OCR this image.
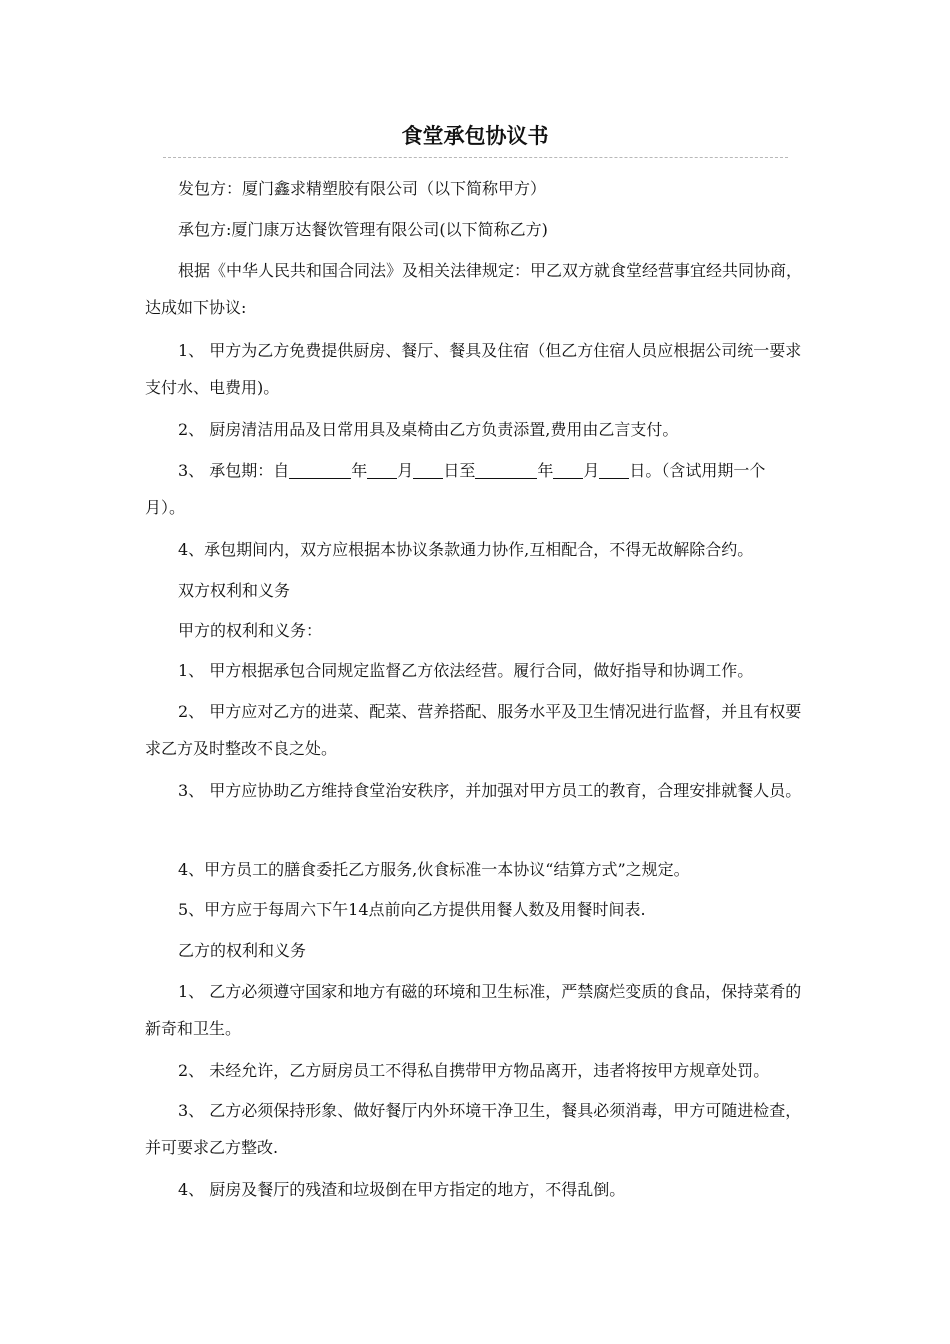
食堂承包协议书
发包方：厦门鑫求精塑胶有限公司（以下简称甲方）
承包方:厦门康万达餐饮管理有限公司(以下简称乙方)
根据《中华人民共和国合同法》及相关法律规定：甲乙双方就食堂经营事宜经共同协商，达成如下协议:
1、 甲方为乙方免费提供厨房、餐厅、餐具及住宿（但乙方住宿人员应根据公司统一要求支付水、电费用)。
2、 厨房清洁用品及日常用具及桌椅由乙方负责添置,费用由乙言支付。
3、 承包期：自	年 月 日至	年 月 日。（含试用期一个月）。
4、承包期间内，双方应根据本协议条款通力协作,互相配合，不得无故解除合约。
双方权利和义务
甲方的权利和义务：
1、 甲方根据承包合同规定监督乙方依法经营。履行合同，做好指导和协调工作。
2、 甲方应对乙方的进菜、配菜、营养搭配、服务水平及卫生情况进行监督，并且有权要求乙方及时整改不良之处。
3、 甲方应协助乙方维持食堂治安秩序，并加强对甲方员工的教育，合理安排就餐人员。
4、甲方员工的膳食委托乙方服务,伙食标准一本协议“结算方式”之规定。
5、甲方应于每周六下午14点前向乙方提供用餐人数及用餐时间表.
乙方的权利和义务
1、 乙方必须遵守国家和地方有磁的环境和卫生标准，严禁腐烂变质的食品，保持菜肴的新奇和卫生。
2、 未经允许，乙方厨房员工不得私自携带甲方物品离开，违者将按甲方规章处罚。
3、 乙方必须保持形象、做好餐厅内外环境干净卫生，餐具必须消毒，甲方可随进检查，并可要求乙方整改.
4、 厨房及餐厅的残渣和垃圾倒在甲方指定的地方，不得乱倒。
